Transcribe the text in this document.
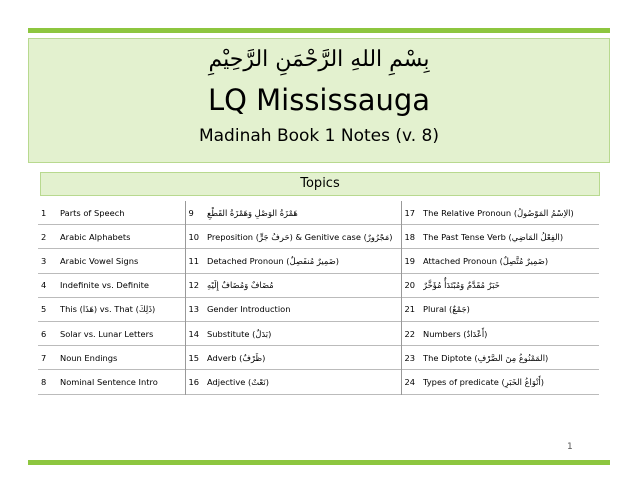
بِسْمِ اللهِ الرَّحْمَنِ الرَّحِيْمِ
LQ Mississauga
Madinah Book 1 Notes (v. 8)
Topics
1	Parts of Speech	9	هَمْزَةُ الوَصْلِ وَهَمْزَةُ القَطْعِ	17	The Relative Pronoun (الاِسْمُ المَوْصُولُ)
2	Arabic Alphabets	10	Preposition (حَرفُ جَرٍّ) & Genitive case (مَجْرُورٌ)	18	The Past Tense Verb (الفِعْلُ المَاضِي)
3	Arabic Vowel Signs	11	Detached Pronoun (ضَمِيرٌ مُنفَصِلٌ)	19	Attached Pronoun (ضَمِيرٌ مُتَّصِلٌ)
4	Indefinite vs. Definite	12	مُضَافٌ وَمُضَافٌ إِلَيْهِ	20	خَبَرٌ مُقَدَّمٌ وَمُبْتَدَأٌ مُؤَخَّرٌ
5	This (هَذَا) vs. That (ذَلِكَ)	13	Gender Introduction	21	Plural (جَمْعٌ)
6	Solar vs. Lunar Letters	14	Substitute (بَدَلٌ)	22	Numbers (أَعْدَادٌ)
7	Noun Endings	15	Adverb (ظَرْفٌ)	23	The Diptote (المَمْنُوعُ مِنَ الصَّرْفِ)
8	Nominal Sentence Intro	16	Adjective (نَعْتٌ)	24	Types of predicate (أَنْوَاعُ الخَبَرِ)
1
